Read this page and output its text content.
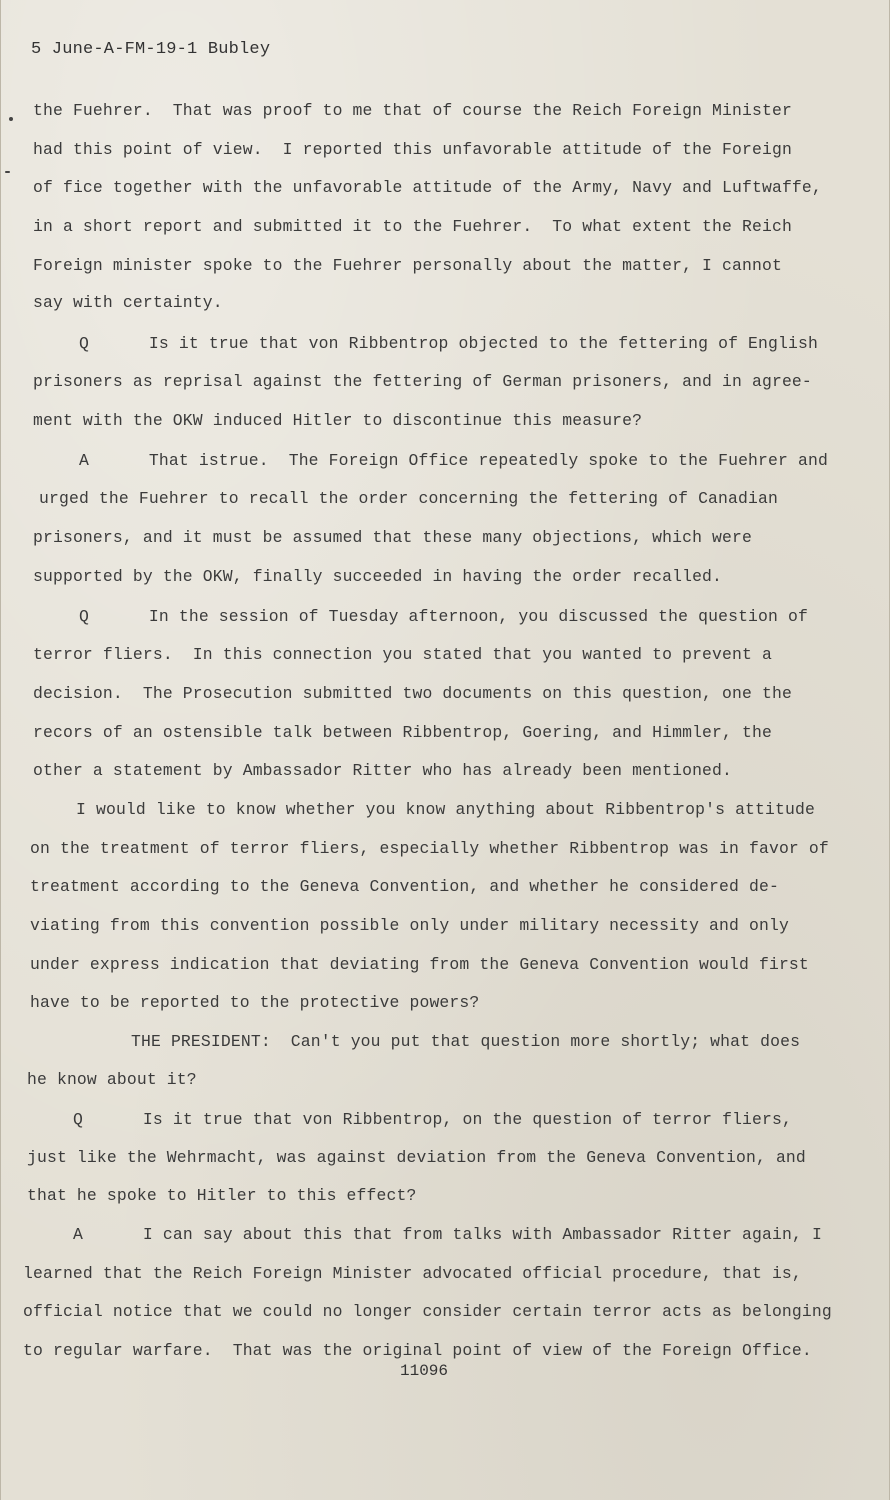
5 June-A-FM-19-1 Bubley
the Fuehrer.  That was proof to me that of course the Reich Foreign Minister
had this point of view.  I reported this unfavorable attitude of the Foreign
of fice together with the unfavorable attitude of the Army, Navy and Luftwaffe,
in a short report and submitted it to the Fuehrer.  To what extent the Reich
Foreign minister spoke to the Fuehrer personally about the matter, I cannot
say with certainty.
Q      Is it true that von Ribbentrop objected to the fettering of English
prisoners as reprisal against the fettering of German prisoners, and in agree-
ment with the OKW induced Hitler to discontinue this measure?
A      That istrue.  The Foreign Office repeatedly spoke to the Fuehrer and
urged the Fuehrer to recall the order concerning the fettering of Canadian
prisoners, and it must be assumed that these many objections, which were
supported by the OKW, finally succeeded in having the order recalled.
Q      In the session of Tuesday afternoon, you discussed the question of
terror fliers.  In this connection you stated that you wanted to prevent a
decision.  The Prosecution submitted two documents on this question, one the
recors of an ostensible talk between Ribbentrop, Goering, and Himmler, the
other a statement by Ambassador Ritter who has already been mentioned.
I would like to know whether you know anything about Ribbentrop's attitude
on the treatment of terror fliers, especially whether Ribbentrop was in favor of
treatment according to the Geneva Convention, and whether he considered de-
viating from this convention possible only under military necessity and only
under express indication that deviating from the Geneva Convention would first
have to be reported to the protective powers?
THE PRESIDENT:  Can't you put that question more shortly; what does
he know about it?
Q      Is it true that von Ribbentrop, on the question of terror fliers,
just like the Wehrmacht, was against deviation from the Geneva Convention, and
that he spoke to Hitler to this effect?
A      I can say about this that from talks with Ambassador Ritter again, I
learned that the Reich Foreign Minister advocated official procedure, that is,
official notice that we could no longer consider certain terror acts as belonging
to regular warfare.  That was the original point of view of the Foreign Office.
11096
